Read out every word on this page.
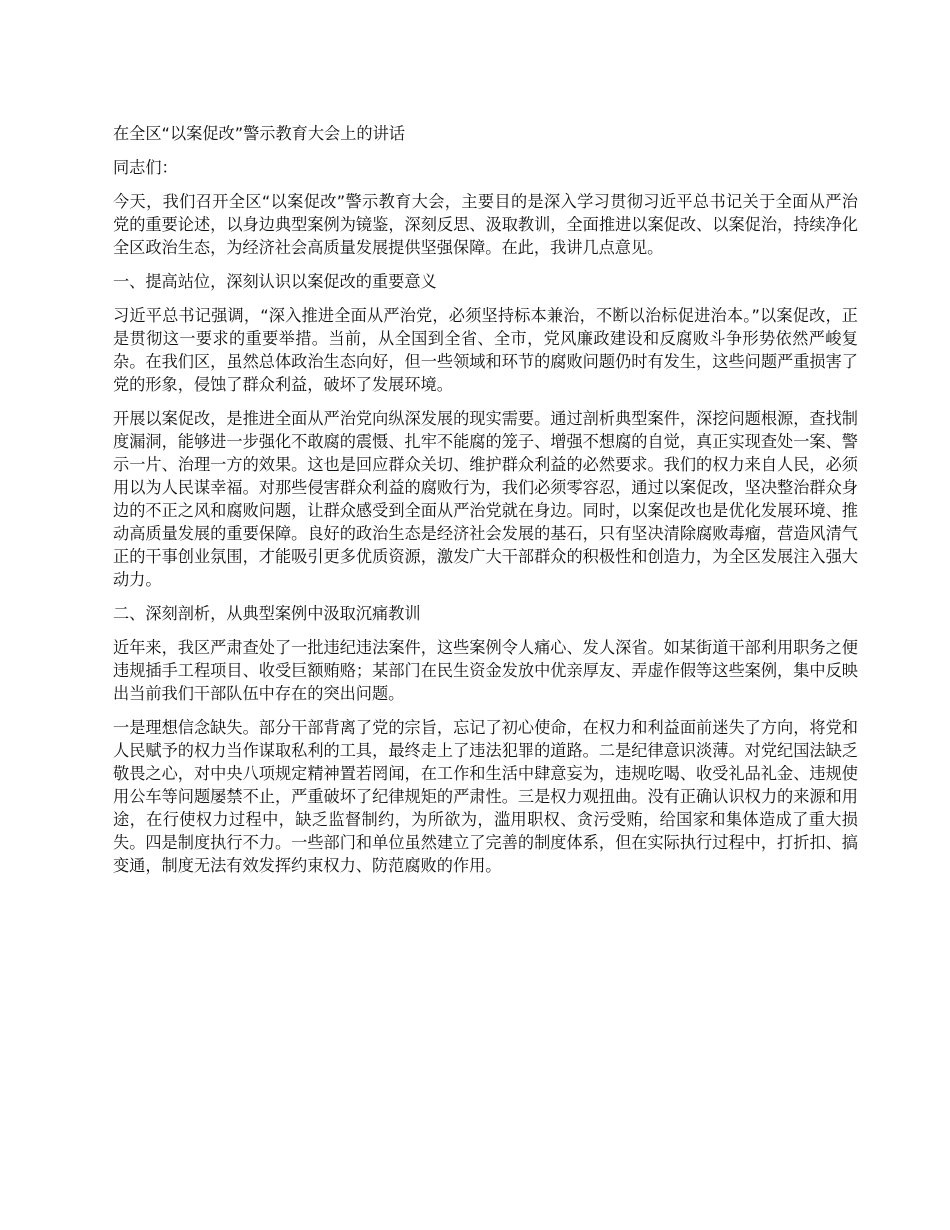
在全区“以案促改”警示教育大会上的讲话
同志们：
今天，我们召开全区“以案促改”警示教育大会，主要目的是深入学习贯彻习近平总书记关于全面从严治党的重要论述，以身边典型案例为镜鉴，深刻反思、汲取教训，全面推进以案促改、以案促治，持续净化全区政治生态，为经济社会高质量发展提供坚强保障。在此，我讲几点意见。
一、提高站位，深刻认识以案促改的重要意义
习近平总书记强调，“深入推进全面从严治党，必须坚持标本兼治，不断以治标促进治本。”以案促改，正是贯彻这一要求的重要举措。当前，从全国到全省、全市，党风廉政建设和反腐败斗争形势依然严峻复杂。在我们区，虽然总体政治生态向好，但一些领域和环节的腐败问题仍时有发生，这些问题严重损害了党的形象，侵蚀了群众利益，破坏了发展环境。
开展以案促改，是推进全面从严治党向纵深发展的现实需要。通过剖析典型案件，深挖问题根源，查找制度漏洞，能够进一步强化不敢腐的震慑、扎牢不能腐的笼子、增强不想腐的自觉，真正实现查处一案、警示一片、治理一方的效果。这也是回应群众关切、维护群众利益的必然要求。我们的权力来自人民，必须用以为人民谋幸福。对那些侵害群众利益的腐败行为，我们必须零容忍，通过以案促改，坚决整治群众身边的不正之风和腐败问题，让群众感受到全面从严治党就在身边。同时，以案促改也是优化发展环境、推动高质量发展的重要保障。良好的政治生态是经济社会发展的基石，只有坚决清除腐败毒瘤，营造风清气正的干事创业氛围，才能吸引更多优质资源，激发广大干部群众的积极性和创造力，为全区发展注入强大动力。
二、深刻剖析，从典型案例中汲取沉痛教训
近年来，我区严肃查处了一批违纪违法案件，这些案例令人痛心、发人深省。如某街道干部利用职务之便违规插手工程项目、收受巨额贿赂；某部门在民生资金发放中优亲厚友、弄虚作假等这些案例，集中反映出当前我们干部队伍中存在的突出问题。
一是理想信念缺失。部分干部背离了党的宗旨，忘记了初心使命，在权力和利益面前迷失了方向，将党和人民赋予的权力当作谋取私利的工具，最终走上了违法犯罪的道路。二是纪律意识淡薄。对党纪国法缺乏敬畏之心，对中央八项规定精神置若罔闻，在工作和生活中肆意妄为，违规吃喝、收受礼品礼金、违规使用公车等问题屡禁不止，严重破坏了纪律规矩的严肃性。三是权力观扭曲。没有正确认识权力的来源和用途，在行使权力过程中，缺乏监督制约，为所欲为，滥用职权、贪污受贿，给国家和集体造成了重大损失。四是制度执行不力。一些部门和单位虽然建立了完善的制度体系，但在实际执行过程中，打折扣、搞变通，制度无法有效发挥约束权力、防范腐败的作用。
